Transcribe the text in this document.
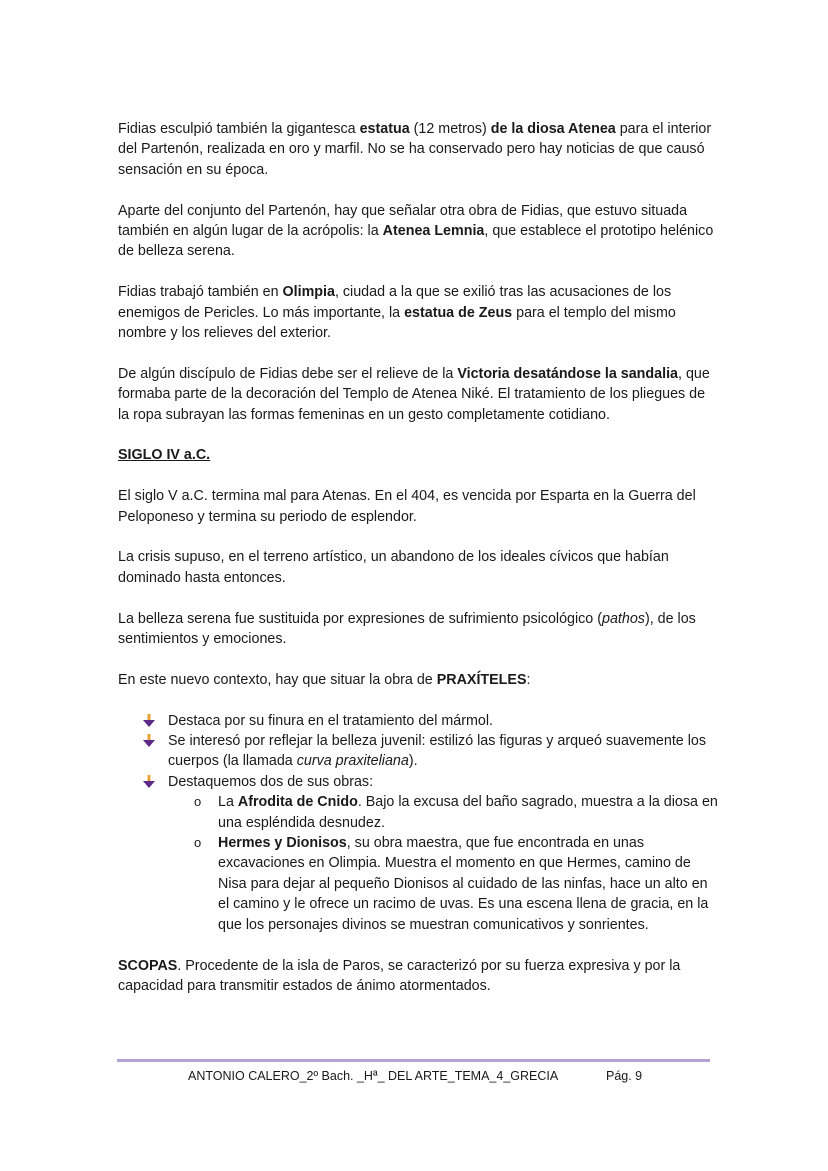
Fidias esculpió también la gigantesca estatua (12 metros) de la diosa Atenea para el interior del Partenón, realizada en oro y marfil. No se ha conservado pero hay noticias de que causó sensación en su época.

Aparte del conjunto del Partenón, hay que señalar otra obra de Fidias, que estuvo situada también en algún lugar de la acrópolis: la Atenea Lemnia, que establece el prototipo helénico de belleza serena.

Fidias trabajó también en Olimpia, ciudad a la que se exilió tras las acusaciones de los enemigos de Pericles. Lo más importante, la estatua de Zeus para el templo del mismo nombre y los relieves del exterior.

De algún discípulo de Fidias debe ser el relieve de la Victoria desatándose la sandalia, que formaba parte de la decoración del Templo de Atenea Niké. El tratamiento de los pliegues de la ropa subrayan las formas femeninas en un gesto completamente cotidiano.

SIGLO IV a.C.

El siglo V a.C. termina mal para Atenas. En el 404, es vencida por Esparta en la Guerra del Peloponeso y termina su periodo de esplendor.

La crisis supuso, en el terreno artístico, un abandono de los ideales cívicos que habían dominado hasta entonces.

La belleza serena fue sustituida por expresiones de sufrimiento psicológico (pathos), de los sentimientos y emociones.

En este nuevo contexto, hay que situar la obra de PRAXÍTELES:

Destaca por su finura en el tratamiento del mármol.
Se interesó por reflejar la belleza juvenil: estilizó las figuras y arqueó suavemente los cuerpos (la llamada curva praxiteliana).
Destaquemos dos de sus obras:
o La Afrodita de Cnido. Bajo la excusa del baño sagrado, muestra a la diosa en una espléndida desnudez.
o Hermes y Dionisos, su obra maestra, que fue encontrada en unas excavaciones en Olimpia. Muestra el momento en que Hermes, camino de Nisa para dejar al pequeño Dionisos al cuidado de las ninfas, hace un alto en el camino y le ofrece un racimo de uvas. Es una escena llena de gracia, en la que los personajes divinos se muestran comunicativos y sonrientes.

SCOPAS. Procedente de la isla de Paros, se caracterizó por su fuerza expresiva y por la capacidad para transmitir estados de ánimo atormentados.

ANTONIO CALERO_2º Bach. _Hª_ DEL ARTE_TEMA_4_GRECIA	Pág. 9
